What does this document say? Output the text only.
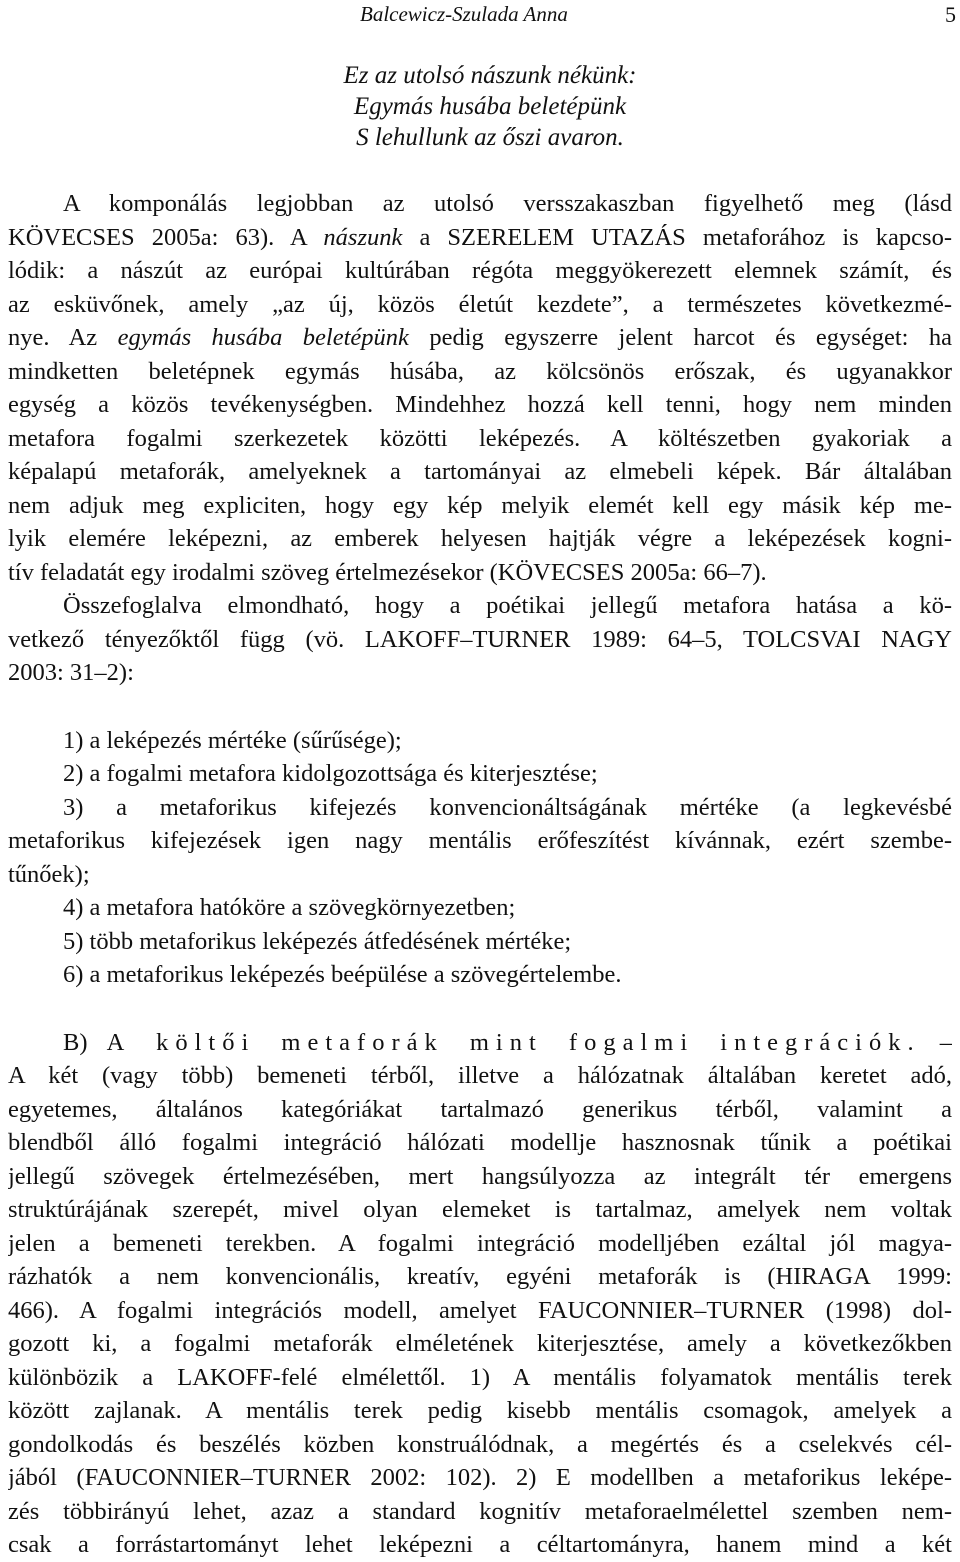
Balcewicz-Szulada Anna	5
Ez az utolsó nászunk nékünk:
Egymás husába beletépünk
S lehullunk az őszi avaron.
A komponálás legjobban az utolsó versszakaszban figyelhető meg (lásd
KÖVECSES 2005a: 63). A nászunk a SZERELEM UTAZÁS metaforához is kapcso-
lódik: a nászút az európai kultúrában régóta meggyökerezett elemnek számít, és
az esküvőnek, amely „az új, közös életút kezdete”, a természetes következmé-
nye. Az egymás husába beletépünk pedig egyszerre jelent harcot és egységet: ha
mindketten beletépnek egymás húsába, az kölcsönös erőszak, és ugyanakkor
egység a közös tevékenységben. Mindehhez hozzá kell tenni, hogy nem minden
metafora fogalmi szerkezetek közötti leképezés. A költészetben gyakoriak a
képalapú metaforák, amelyeknek a tartományai az elmebeli képek. Bár általában
nem adjuk meg expliciten, hogy egy kép melyik elemét kell egy másik kép me-
lyik elemére leképezni, az emberek helyesen hajtják végre a leképezések kogni-
tív feladatát egy irodalmi szöveg értelmezésekor (KÖVECSES 2005a: 66–7).
Összefoglalva elmondható, hogy a poétikai jellegű metafora hatása a kö-
vetkező tényezőktől függ (vö. LAKOFF–TURNER 1989: 64–5, TOLCSVAI NAGY
2003: 31–2):
1) a leképezés mértéke (sűrűsége);
2) a fogalmi metafora kidolgozottsága és kiterjesztése;
3) a metaforikus kifejezés konvencionáltságának mértéke (a legkevésbé
metaforikus kifejezések igen nagy mentális erőfeszítést kívánnak, ezért szembe-
tűnőek);
4) a metafora hatóköre a szövegkörnyezetben;
5) több metaforikus leképezés átfedésének mértéke;
6) a metaforikus leképezés beépülése a szövegértelembe.
B) A költői metaforák mint fogalmi integrációk. –
A két (vagy több) bemeneti térből, illetve a hálózatnak általában keretet adó,
egyetemes, általános kategóriákat tartalmazó generikus térből, valamint a
blendből álló fogalmi integráció hálózati modellje hasznosnak tűnik a poétikai
jellegű szövegek értelmezésében, mert hangsúlyozza az integrált tér emergens
struktúrájának szerepét, mivel olyan elemeket is tartalmaz, amelyek nem voltak
jelen a bemeneti terekben. A fogalmi integráció modelljében ezáltal jól magya-
rázhatók a nem konvencionális, kreatív, egyéni metaforák is (HIRAGA 1999:
466). A fogalmi integrációs modell, amelyet FAUCONNIER–TURNER (1998) dol-
gozott ki, a fogalmi metaforák elméletének kiterjesztése, amely a következőkben
különbözik a LAKOFF-felé elmélettől. 1) A mentális folyamatok mentális terek
között zajlanak. A mentális terek pedig kisebb mentális csomagok, amelyek a
gondolkodás és beszélés közben konstruálódnak, a megértés és a cselekvés cél-
jából (FAUCONNIER–TURNER 2002: 102). 2) E modellben a metaforikus leképe-
zés többirányú lehet, azaz a standard kognitív metaforaelmélettel szemben nem-
csak a forrástartományt lehet leképezni a céltartományra, hanem mind a két
